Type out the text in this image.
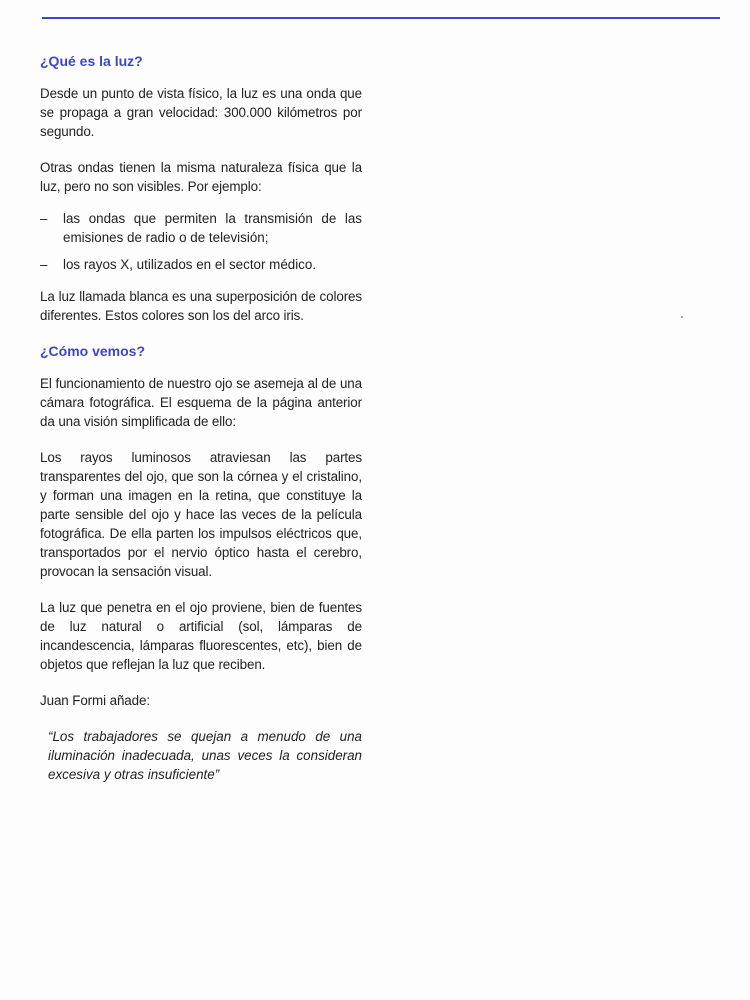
¿Qué es la luz?

Desde un punto de vista físico, la luz es una onda que se propaga a gran velocidad: 300.000 kilómetros por segundo.

Otras ondas tienen la misma naturaleza física que la luz, pero no son visibles. Por ejemplo:

– las ondas que permiten la transmisión de las emisiones de radio o de televisión;
– los rayos X, utilizados en el sector médico.

La luz llamada blanca es una superposición de colores diferentes. Estos colores son los del arco iris.

¿Cómo vemos?

El funcionamiento de nuestro ojo se asemeja al de una cámara fotográfica. El esquema de la página anterior da una visión simplificada de ello:

Los rayos luminosos atraviesan las partes transparentes del ojo, que son la córnea y el cristalino, y forman una imagen en la retina, que constituye la parte sensible del ojo y hace las veces de la película fotográfica. De ella parten los impulsos eléctricos que, transportados por el nervio óptico hasta el cerebro, provocan la sensación visual.

La luz que penetra en el ojo proviene, bien de fuentes de luz natural o artificial (sol, lámparas de incandescencia, lámparas fluorescentes, etc), bien de objetos que reflejan la luz que reciben.

Juan Formi añade:

“Los trabajadores se quejan a menudo de una iluminación inadecuada, unas veces la consideran excesiva y otras insuficiente”
